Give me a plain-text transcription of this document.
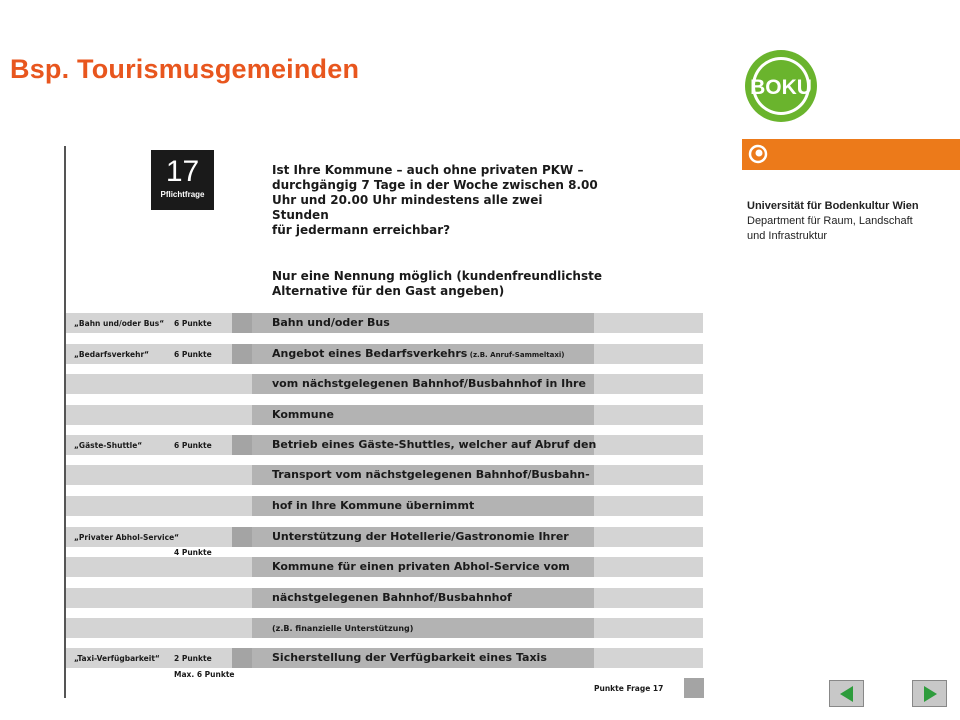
Bsp. Tourismusgemeinden
BOKU
Universität für Bodenkultur Wien
Department für Raum, Landschaft
und Infrastruktur
17
Pflichtfrage
Ist Ihre Kommune – auch ohne privaten PKW –
durchgängig 7 Tage in der Woche zwischen 8.00
Uhr und 20.00 Uhr mindestens alle zwei Stunden
für jedermann erreichbar?
Nur eine Nennung möglich (kundenfreundlichste
Alternative für den Gast angeben)
„Bahn und/oder Bus“ 6 Punkte	Bahn und/oder Bus
„Bedarfsverkehr“	6 Punkte	Angebot eines Bedarfsverkehrs (z.B. Anruf-Sammeltaxi)
vom nächstgelegenen Bahnhof/Busbahnhof in Ihre
Kommune
„Gäste-Shuttle“	6 Punkte	Betrieb eines Gäste-Shuttles, welcher auf Abruf den
Transport vom nächstgelegenen Bahnhof/Busbahn-
hof in Ihre Kommune übernimmt
„Privater Abhol-Service“	Unterstützung der Hotellerie/Gastronomie Ihrer
4 Punkte
Kommune für einen privaten Abhol-Service vom
nächstgelegenen Bahnhof/Busbahnhof
(z.B. finanzielle Unterstützung)
„Taxi-Verfügbarkeit“ 2 Punkte	Sicherstellung der Verfügbarkeit eines Taxis
Max. 6 Punkte
Punkte Frage 17
